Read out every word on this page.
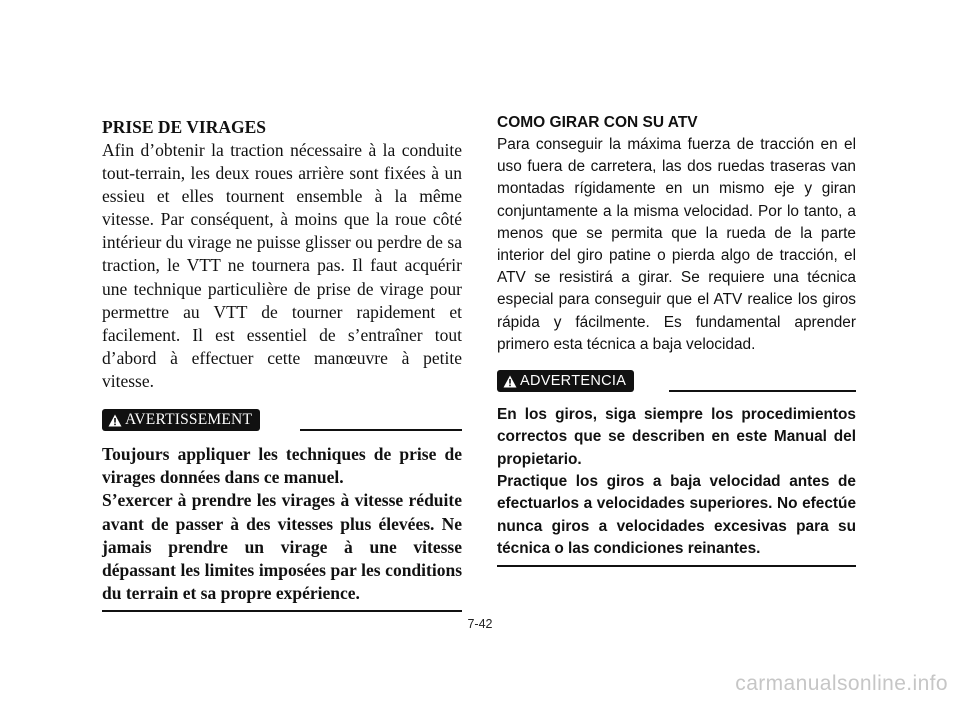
PRISE DE VIRAGES

Afin d’obtenir la traction nécessaire à la conduite tout-terrain, les deux roues arrière sont fixées à un essieu et elles tournent ensemble à la même vitesse. Par conséquent, à moins que la roue côté intérieur du virage ne puisse glisser ou perdre de sa traction, le VTT ne tournera pas. Il faut acquérir une technique particulière de prise de virage pour permettre au VTT de tourner rapidement et facilement. Il est essentiel de s’entraîner tout d’abord à effectuer cette manœuvre à petite vitesse.

AVERTISSEMENT

Toujours appliquer les techniques de prise de virages données dans ce manuel.

S’exercer à prendre les virages à vitesse réduite avant de passer à des vitesses plus élevées. Ne jamais prendre un virage à une vitesse dépassant les limites imposées par les conditions du terrain et sa propre expérience.

COMO GIRAR CON SU ATV

Para conseguir la máxima fuerza de tracción en el uso fuera de carretera, las dos ruedas traseras van montadas rígidamente en un mismo eje y giran conjuntamente a la misma velocidad. Por lo tanto, a menos que se permita que la rueda de la parte interior del giro patine o pierda algo de tracción, el ATV se resistirá a girar. Se requiere una técnica especial para conseguir que el ATV realice los giros rápida y fácilmente. Es fundamental aprender primero esta técnica a baja velocidad.

ADVERTENCIA

En los giros, siga siempre los procedimientos correctos que se describen en este Manual del propietario.

Practique los giros a baja velocidad antes de efectuarlos a velocidades superiores. No efectúe nunca giros a velocidades excesivas para su técnica o las condiciones reinantes.

7-42
carmanualsonline.info
